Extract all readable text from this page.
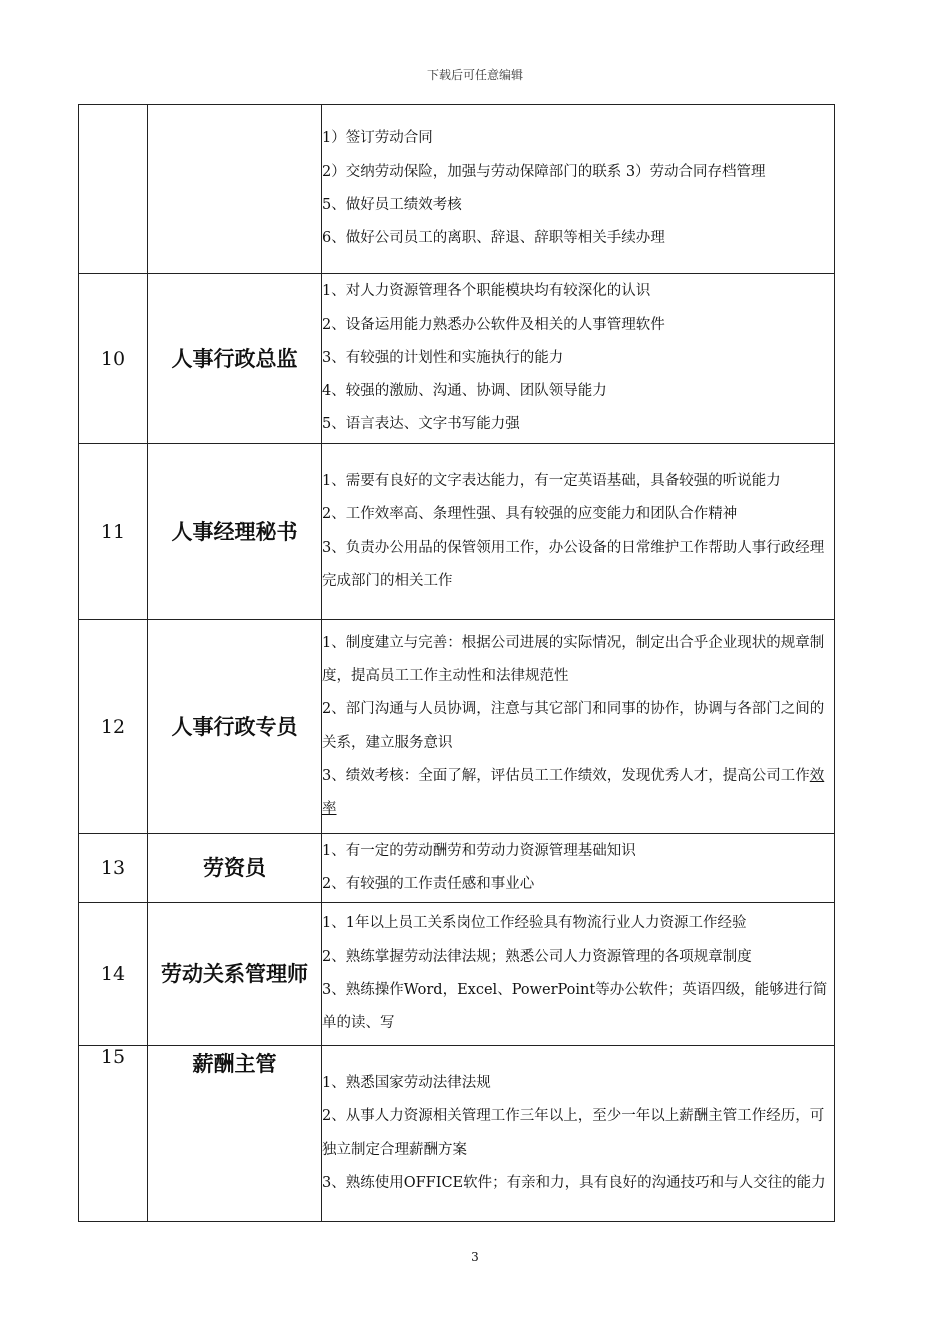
下载后可任意编辑

		1）签订劳动合同
2）交纳劳动保险，加强与劳动保障部门的联系 3）劳动合同存档管理
5、做好员工绩效考核
6、做好公司员工的离职、辞退、辞职等相关手续办理

10	人事行政总监	1、对人力资源管理各个职能模块均有较深化的认识
2、设备运用能力熟悉办公软件及相关的人事管理软件
3、有较强的计划性和实施执行的能力
4、较强的激励、沟通、协调、团队领导能力
5、语言表达、文字书写能力强

11	人事经理秘书	1、需要有良好的文字表达能力，有一定英语基础，具备较强的听说能力
2、工作效率高、条理性强、具有较强的应变能力和团队合作精神
3、负责办公用品的保管领用工作，办公设备的日常维护工作帮助人事行政经理完成部门的相关工作

12	人事行政专员	1、制度建立与完善：根据公司进展的实际情况，制定出合乎企业现状的规章制度，提高员工工作主动性和法律规范性
2、部门沟通与人员协调，注意与其它部门和同事的协作，协调与各部门之间的关系，建立服务意识
3、绩效考核：全面了解，评估员工工作绩效，发现优秀人才，提高公司工作效率

13	劳资员	1、有一定的劳动酬劳和劳动力资源管理基础知识
2、有较强的工作责任感和事业心

14	劳动关系管理师	1、1年以上员工关系岗位工作经验具有物流行业人力资源工作经验
2、熟练掌握劳动法律法规；熟悉公司人力资源管理的各项规章制度
3、熟练操作Word，Excel、PowerPoint等办公软件；英语四级，能够进行简单的读、写

15	薪酬主管	1、熟悉国家劳动法律法规
2、从事人力资源相关管理工作三年以上，至少一年以上薪酬主管工作经历，可独立制定合理薪酬方案
3、熟练使用OFFICE软件；有亲和力，具有良好的沟通技巧和与人交往的能力
3
